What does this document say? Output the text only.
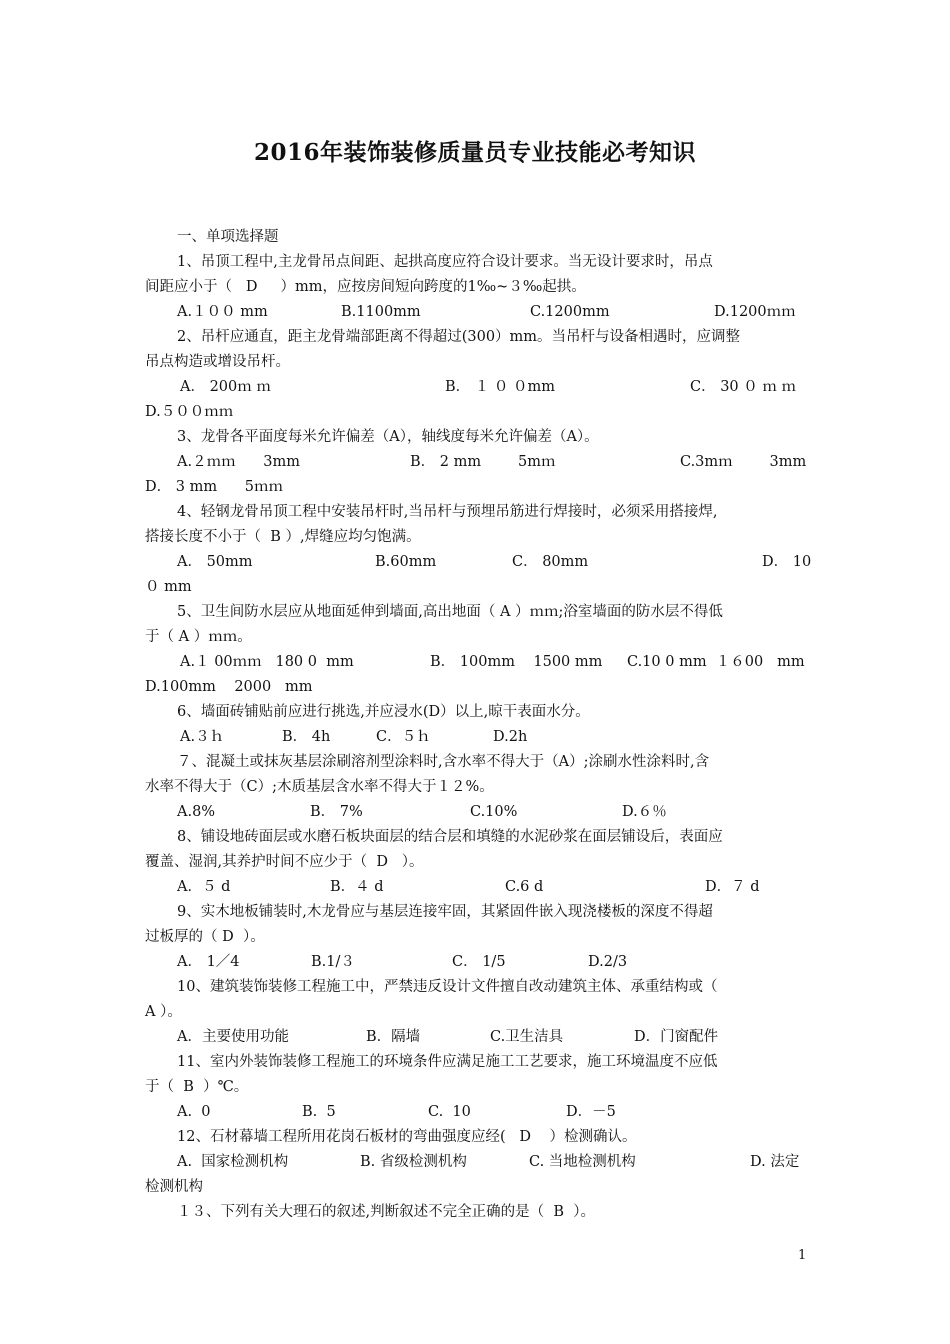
2016年装饰装修质量员专业技能必考知识
一、单项选择题
1、吊顶工程中,主龙骨吊点间距、起拱高度应符合设计要求。当无设计要求时，吊点
间距应小于（   D     ）mm，应按房间短向跨度的1‰~３‰起拱。
A.１００ mm	B.1100mm	C.1200mm	D.1200ｍｍ
2、吊杆应通直，距主龙骨端部距离不得超过(300）mm。当吊杆与设备相遇时，应调整
吊点构造或增设吊杆。
A． 200ｍ ｍ	B． １ ０ ０mm	C． 30 ０ ｍ ｍ
D.５００ｍｍ
3、龙骨各平面度每米允许偏差（A），轴线度每米允许偏差（A）。
A.２ｍｍ      3mm	B． 2 mm        5mｍ	C.3mｍ        3mm
D． 3 mm      5ｍｍ
4、轻钢龙骨吊顶工程中安装吊杆时,当吊杆与预埋吊筋进行焊接时，必须采用搭接焊,
搭接长度不小于（  B ）,焊缝应均匀饱满。
A． 50mm	B.60mm	C． 80mm	D． 10
０ mm
5、卫生间防水层应从地面延伸到墙面,高出地面（ A ）ｍｍ;浴室墙面的防水层不得低
于（ A ）ｍｍ。
A.１ 00ｍｍ   180 0  mm	B． 100mm    1500 mm C.10 0 mm  １６00   mm
D.100mm    2000   mm
6、墙面砖铺贴前应进行挑选,并应浸水(D）以上,晾干表面水分。
A.３ｈ	B． 4h	C．５ｈ	D.2h
７、混凝土或抹灰基层涂刷溶剂型涂料时,含水率不得大于（A）;涂刷水性涂料时,含
水率不得大于（C）;木质基层含水率不得大于１２%。
A.8%	B． 7%	C.10%	D.６％
8、铺设地砖面层或水磨石板块面层的结合层和填缝的水泥砂浆在面层铺设后，表面应
覆盖、湿润,其养护时间不应少于（  D   ）。
A．５ d	B．４ d	C.6 d	D．７ d
9、实木地板铺装时,木龙骨应与基层连接牢固，其紧固件嵌入现浇楼板的深度不得超
过板厚的（ D  ）。
A． 1／4	B.1/３	C． 1/5	D.2/3
10、建筑装饰装修工程施工中，严禁违反设计文件擅自改动建筑主体、承重结构或（
A ）。
A．主要使用功能	B．隔墙	C.卫生洁具	D．门窗配件
11、室内外装饰装修工程施工的环境条件应满足施工工艺要求，施工环境温度不应低
于（  B  ）℃。
A.  0	B.  5	C.  10	D．－5
12、石材幕墙工程所用花岗石板材的弯曲强度应经(   D    ）检测确认。
A.  国家检测机构	B. 省级检测机构	C. 当地检测机构	D. 法定
检测机构
１３、下列有关大理石的叙述,判断叙述不完全正确的是（  B  ）。
1
